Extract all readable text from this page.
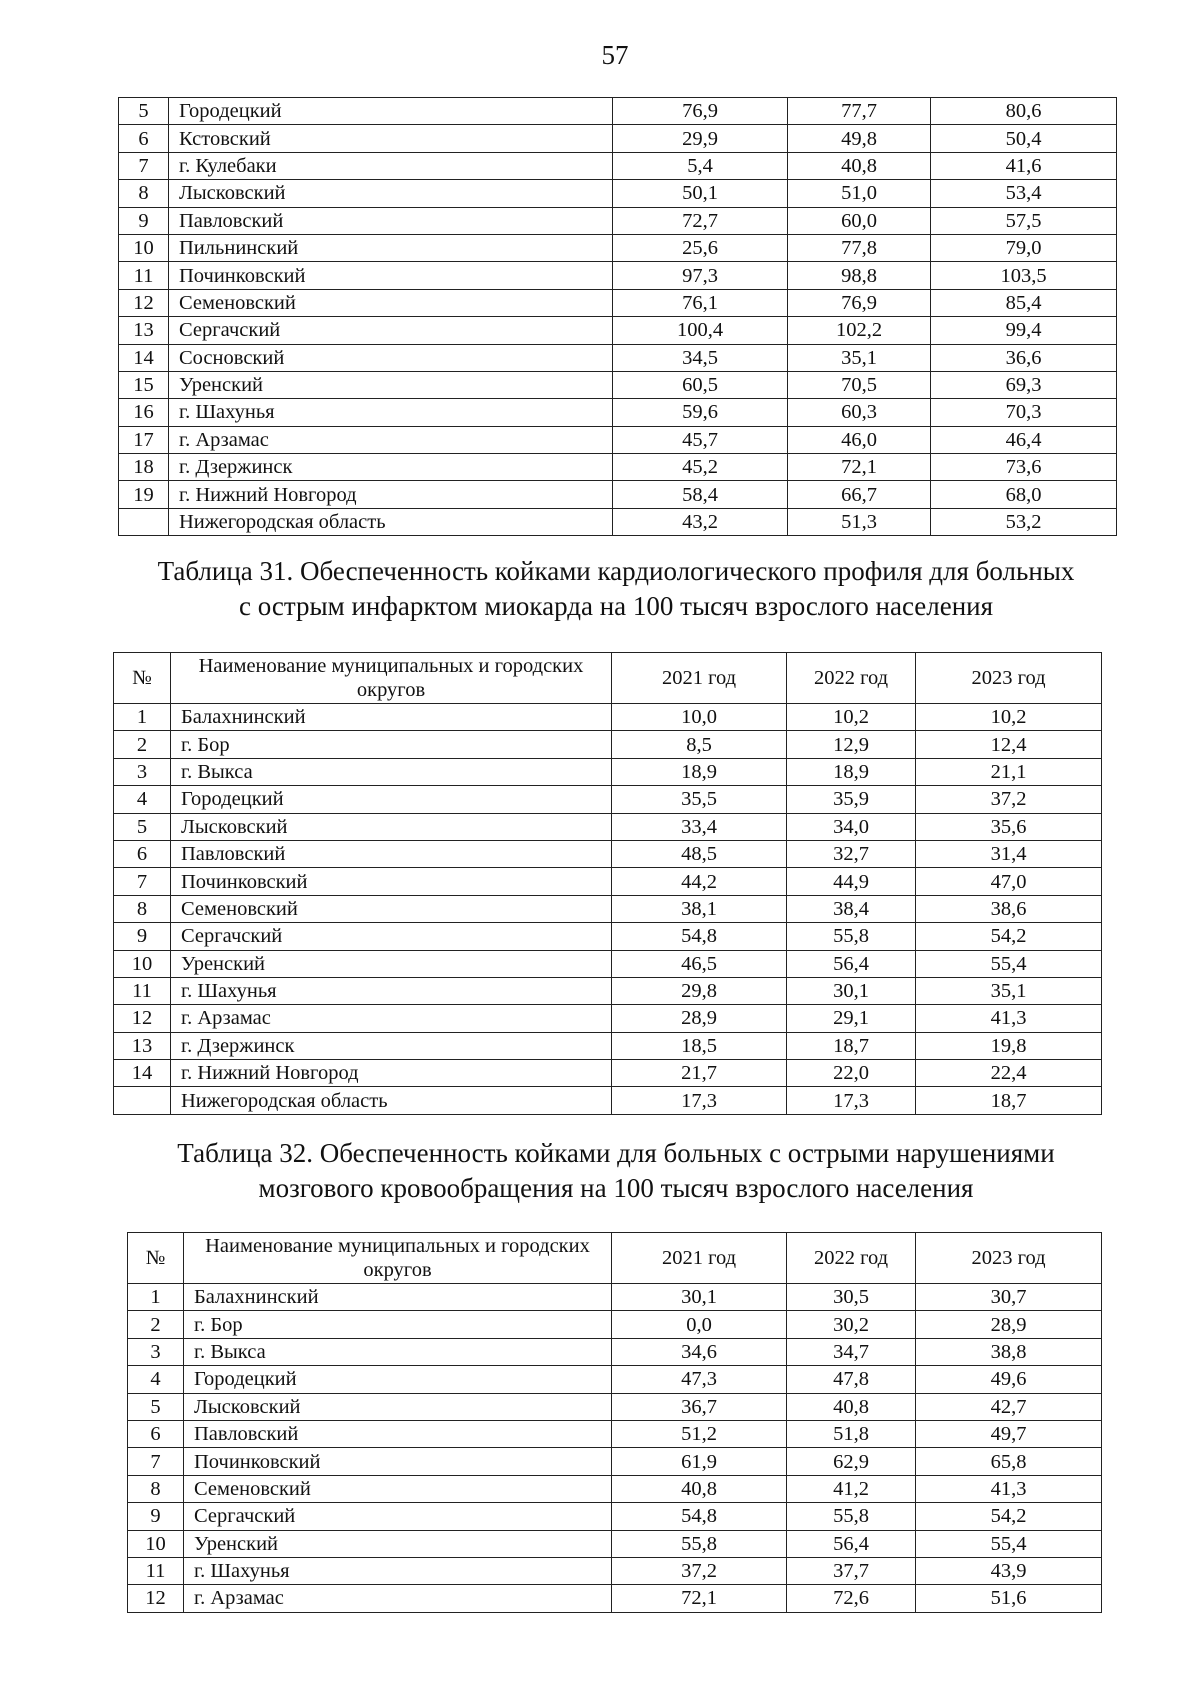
57
5	Городецкий	76,9	77,7	80,6
6	Кстовский	29,9	49,8	50,4
7	г. Кулебаки	5,4	40,8	41,6
8	Лысковский	50,1	51,0	53,4
9	Павловский	72,7	60,0	57,5
10	Пильнинский	25,6	77,8	79,0
11	Починковский	97,3	98,8	103,5
12	Семеновский	76,1	76,9	85,4
13	Сергачский	100,4	102,2	99,4
14	Сосновский	34,5	35,1	36,6
15	Уренский	60,5	70,5	69,3
16	г. Шахунья	59,6	60,3	70,3
17	г. Арзамас	45,7	46,0	46,4
18	г. Дзержинск	45,2	72,1	73,6
19	г. Нижний Новгород	58,4	66,7	68,0
	Нижегородская область	43,2	51,3	53,2
Таблица 31. Обеспеченность койками кардиологического профиля для больных
с острым инфарктом миокарда на 100 тысяч взрослого населения
№	Наименование муниципальных и городских округов	2021 год	2022 год	2023 год
1	Балахнинский	10,0	10,2	10,2
2	г. Бор	8,5	12,9	12,4
3	г. Выкса	18,9	18,9	21,1
4	Городецкий	35,5	35,9	37,2
5	Лысковский	33,4	34,0	35,6
6	Павловский	48,5	32,7	31,4
7	Починковский	44,2	44,9	47,0
8	Семеновский	38,1	38,4	38,6
9	Сергачский	54,8	55,8	54,2
10	Уренский	46,5	56,4	55,4
11	г. Шахунья	29,8	30,1	35,1
12	г. Арзамас	28,9	29,1	41,3
13	г. Дзержинск	18,5	18,7	19,8
14	г. Нижний Новгород	21,7	22,0	22,4
	Нижегородская область	17,3	17,3	18,7
Таблица 32. Обеспеченность койками для больных с острыми нарушениями
мозгового кровообращения на 100 тысяч взрослого населения
№	Наименование муниципальных и городских округов	2021 год	2022 год	2023 год
1	Балахнинский	30,1	30,5	30,7
2	г. Бор	0,0	30,2	28,9
3	г. Выкса	34,6	34,7	38,8
4	Городецкий	47,3	47,8	49,6
5	Лысковский	36,7	40,8	42,7
6	Павловский	51,2	51,8	49,7
7	Починковский	61,9	62,9	65,8
8	Семеновский	40,8	41,2	41,3
9	Сергачский	54,8	55,8	54,2
10	Уренский	55,8	56,4	55,4
11	г. Шахунья	37,2	37,7	43,9
12	г. Арзамас	72,1	72,6	51,6
